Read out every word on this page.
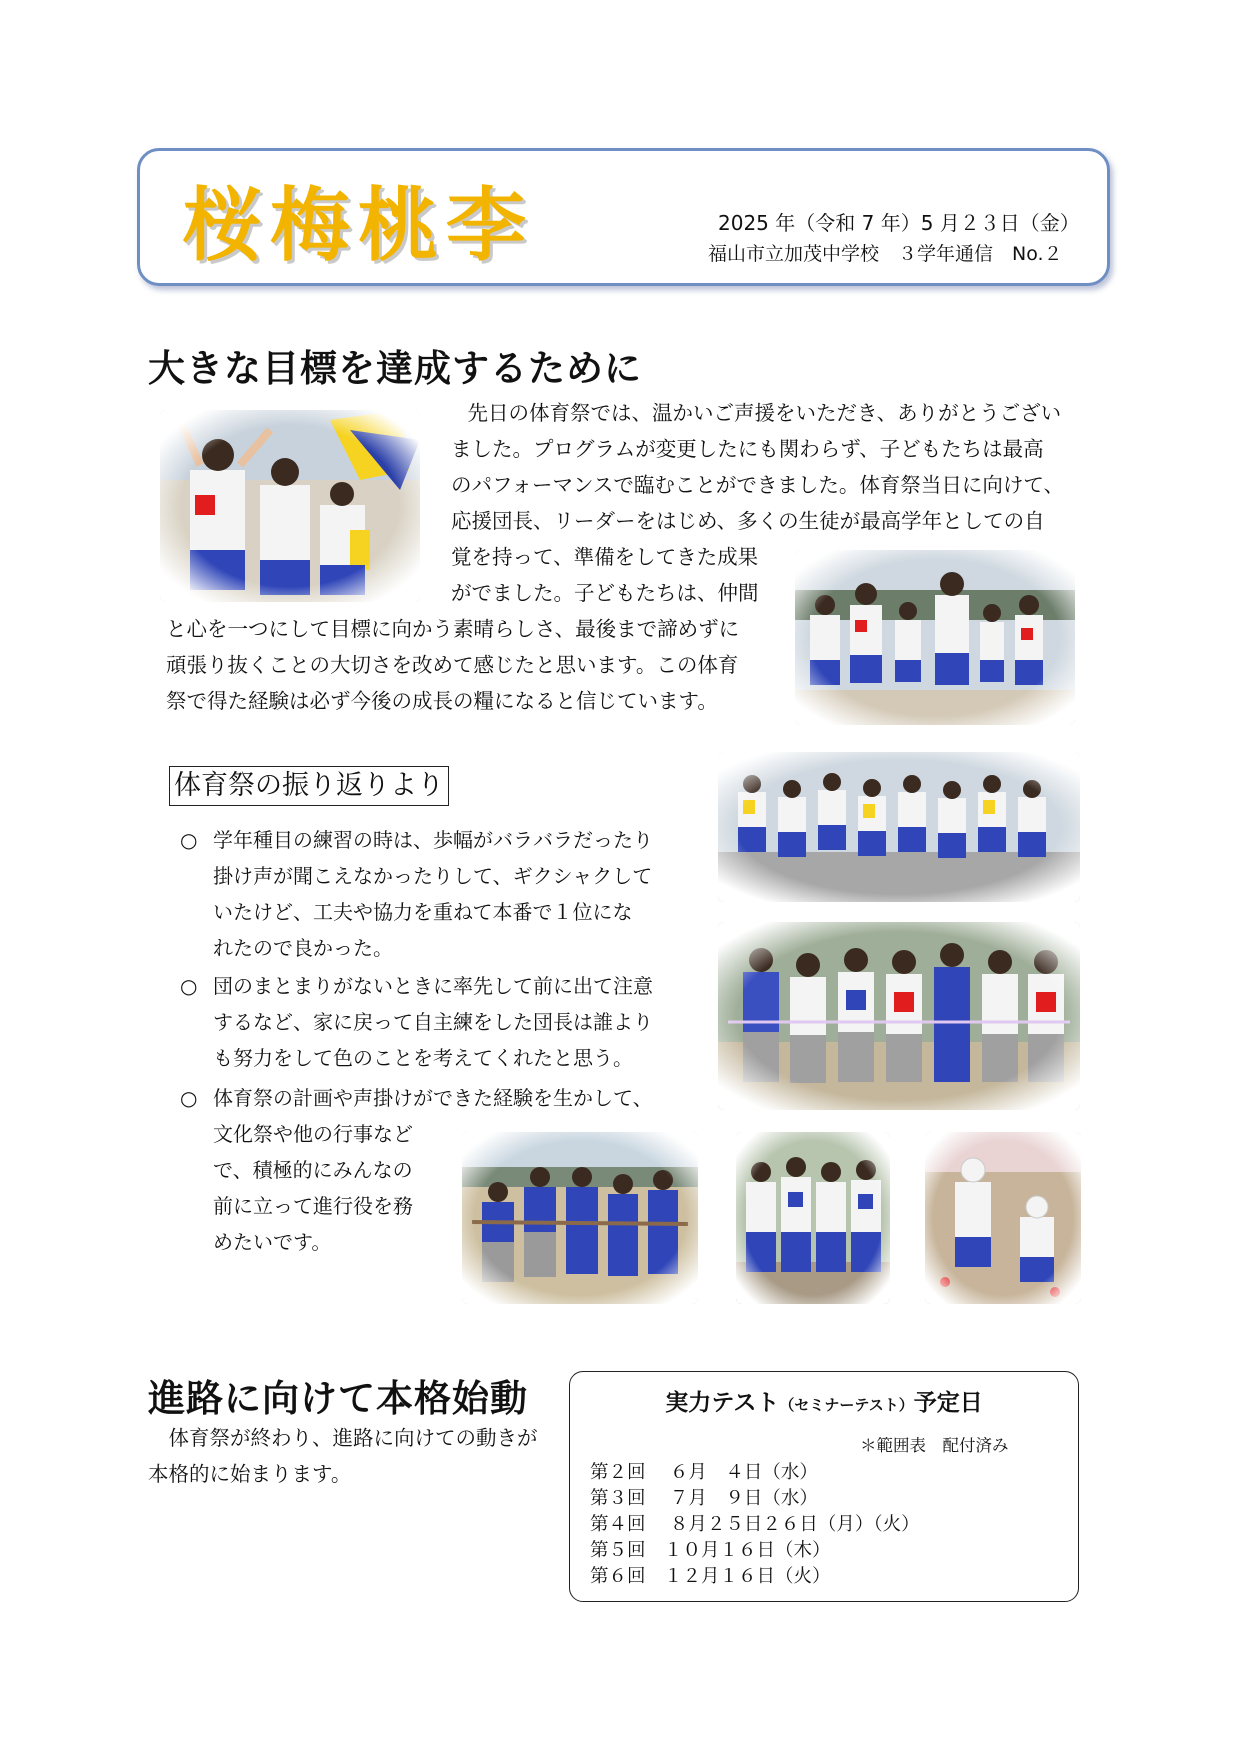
桜梅桃李	2025 年（令和 7 年）5 月２３日（金）
福山市立加茂中学校　３学年通信　No.２
大きな目標を達成するために
　先日の体育祭では、温かいご声援をいただき、ありがとうござい
ました。プログラムが変更したにも関わらず、子どもたちは最高
のパフォーマンスで臨むことができました。体育祭当日に向けて、
応援団長、リーダーをはじめ、多くの生徒が最高学年としての自
覚を持って、準備をしてきた成果
がでました。子どもたちは、仲間
と心を一つにして目標に向かう素晴らしさ、最後まで諦めずに
頑張り抜くことの大切さを改めて感じたと思います。この体育
祭で得た経験は必ず今後の成長の糧になると信じています。
体育祭の振り返りより
○ 学年種目の練習の時は、歩幅がバラバラだったり
掛け声が聞こえなかったりして、ギクシャクして
いたけど、工夫や協力を重ねて本番で１位にな
れたので良かった。
○ 団のまとまりがないときに率先して前に出て注意
するなど、家に戻って自主練をした団長は誰より
も努力をして色のことを考えてくれたと思う。
○ 体育祭の計画や声掛けができた経験を生かして、
文化祭や他の行事など
で、積極的にみんなの
前に立って進行役を務
めたいです。
進路に向けて本格始動
　体育祭が終わり、進路に向けての動きが
本格的に始まります。
実力テスト（セミナーテスト）予定日
＊範囲表　配付済み
第２回　 ６月　４日（水）
第３回　 ７月　９日（水）
第４回　 ８月２５日２６日（月）（火）
第５回　１０月１６日（木）
第６回　１２月１６日（火）
